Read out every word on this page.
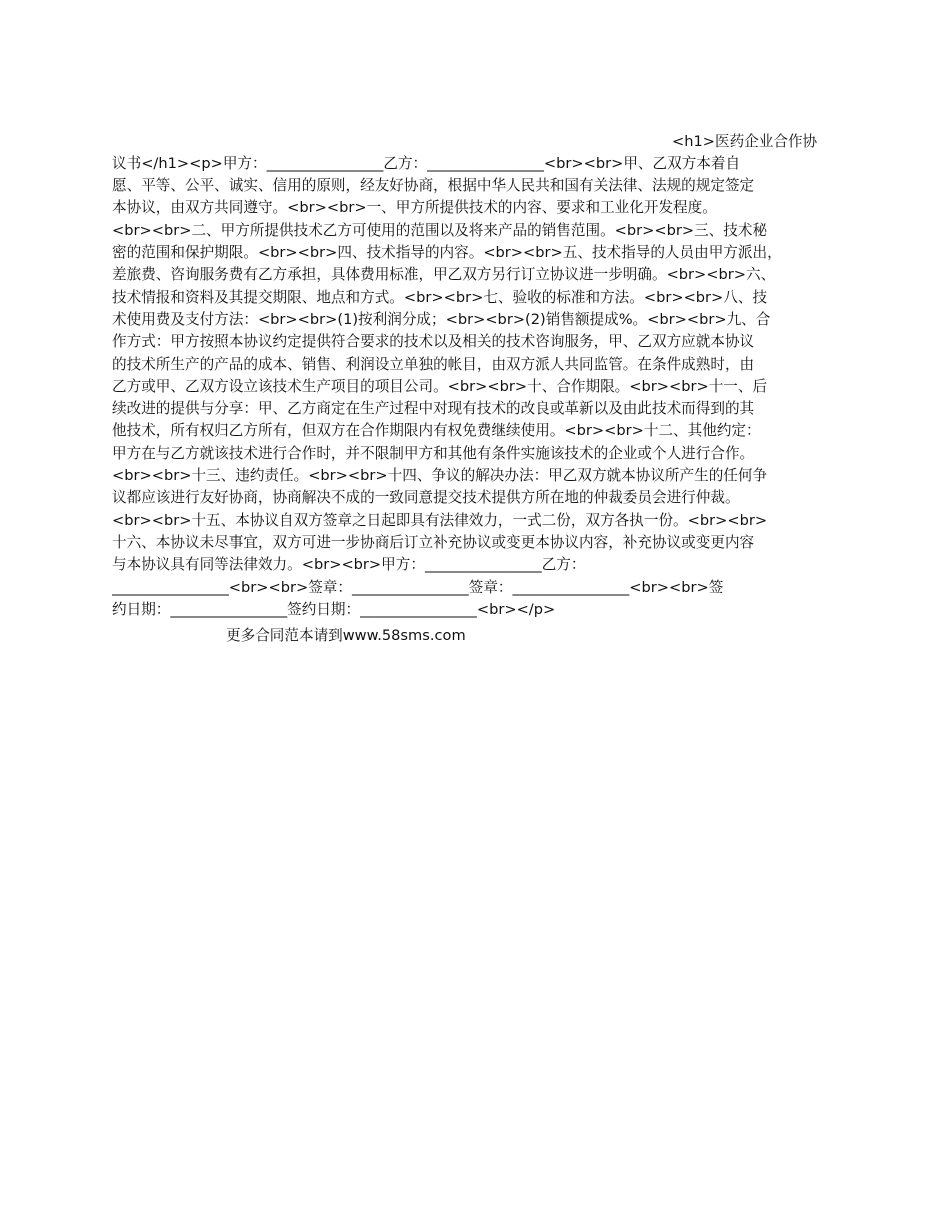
<h1>医药企业合作协
议书</h1><p>甲方：________________乙方：________________<br><br>甲、乙双方本着自
愿、平等、公平、诚实、信用的原则，经友好协商，根据中华人民共和国有关法律、法规的规定签定
本协议，由双方共同遵守。<br><br>一、甲方所提供技术的内容、要求和工业化开发程度。
<br><br>二、甲方所提供技术乙方可使用的范围以及将来产品的销售范围。<br><br>三、技术秘
密的范围和保护期限。<br><br>四、技术指导的内容。<br><br>五、技术指导的人员由甲方派出，
差旅费、咨询服务费有乙方承担，具体费用标准，甲乙双方另行订立协议进一步明确。<br><br>六、
技术情报和资料及其提交期限、地点和方式。<br><br>七、验收的标准和方法。<br><br>八、技
术使用费及支付方法：<br><br>(1)按利润分成；<br><br>(2)销售额提成%。<br><br>九、合
作方式：甲方按照本协议约定提供符合要求的技术以及相关的技术咨询服务，甲、乙双方应就本协议
的技术所生产的产品的成本、销售、利润设立单独的帐目，由双方派人共同监管。在条件成熟时，由
乙方或甲、乙双方设立该技术生产项目的项目公司。<br><br>十、合作期限。<br><br>十一、后
续改进的提供与分享：甲、乙方商定在生产过程中对现有技术的改良或革新以及由此技术而得到的其
他技术，所有权归乙方所有，但双方在合作期限内有权免费继续使用。<br><br>十二、其他约定：
甲方在与乙方就该技术进行合作时，并不限制甲方和其他有条件实施该技术的企业或个人进行合作。
<br><br>十三、违约责任。<br><br>十四、争议的解决办法：甲乙双方就本协议所产生的任何争
议都应该进行友好协商，协商解决不成的一致同意提交技术提供方所在地的仲裁委员会进行仲裁。
<br><br>十五、本协议自双方签章之日起即具有法律效力，一式二份，双方各执一份。<br><br>
十六、本协议未尽事宜，双方可进一步协商后订立补充协议或变更本协议内容，补充协议或变更内容
与本协议具有同等法律效力。<br><br>甲方：________________乙方：
________________<br><br>签章：________________签章：________________<br><br>签
约日期：________________签约日期：________________<br></p>
更多合同范本请到www.58sms.com
